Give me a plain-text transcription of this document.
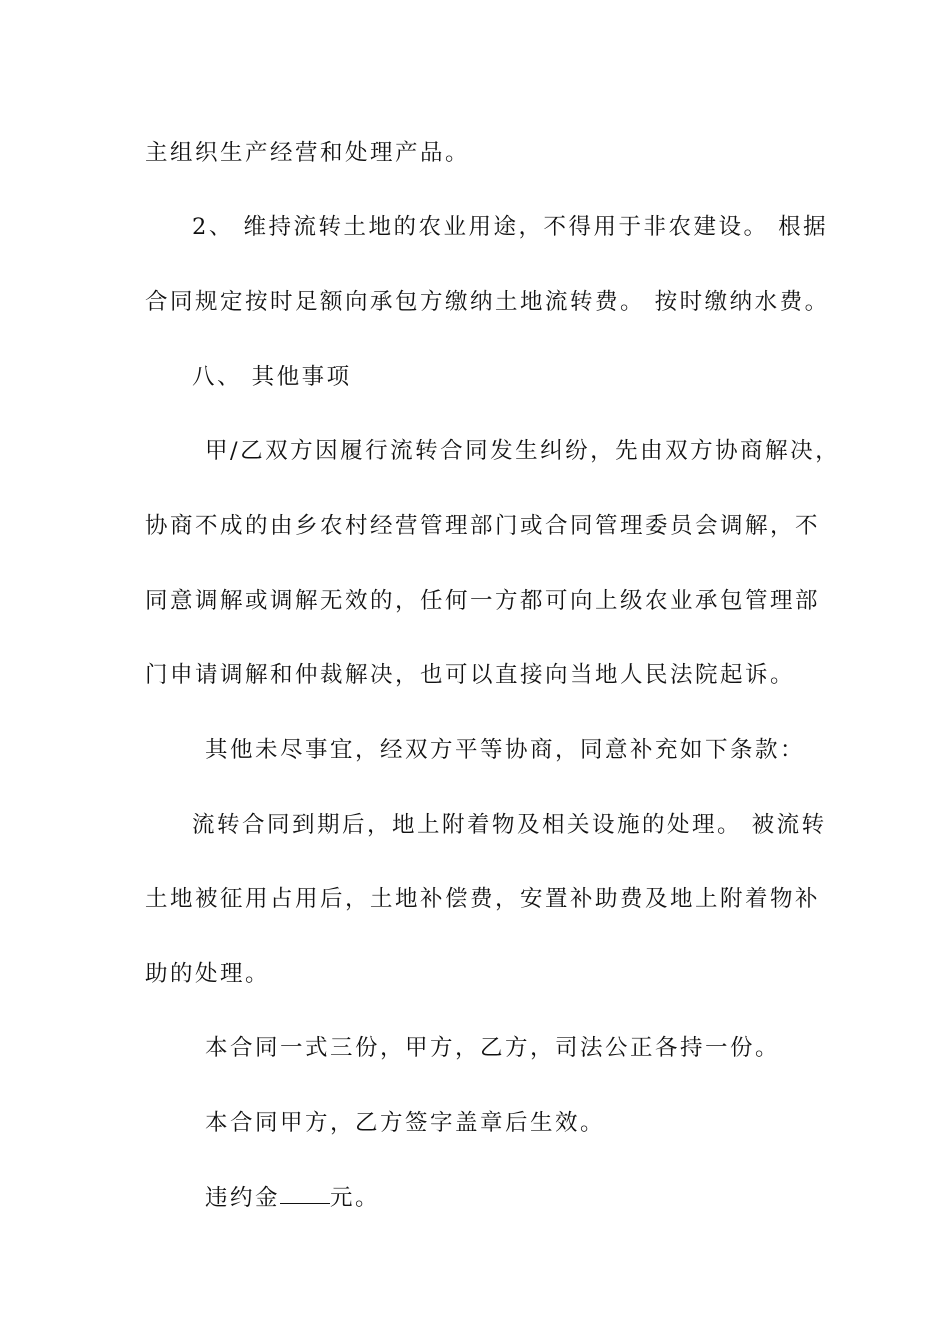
主组织生产经营和处理产品。
2、 维持流转土地的农业用途，不得用于非农建设。 根据
合同规定按时足额向承包方缴纳土地流转费。 按时缴纳水费。
八、 其他事项
甲/乙双方因履行流转合同发生纠纷，先由双方协商解决，
协商不成的由乡农村经营管理部门或合同管理委员会调解，不
同意调解或调解无效的，任何一方都可向上级农业承包管理部
门申请调解和仲裁解决，也可以直接向当地人民法院起诉。
其他未尽事宜，经双方平等协商，同意补充如下条款：
流转合同到期后，地上附着物及相关设施的处理。 被流转
土地被征用占用后，土地补偿费，安置补助费及地上附着物补
助的处理。
本合同一式三份，甲方，乙方，司法公正各持一份。
本合同甲方，乙方签字盖章后生效。
违约金 元。
